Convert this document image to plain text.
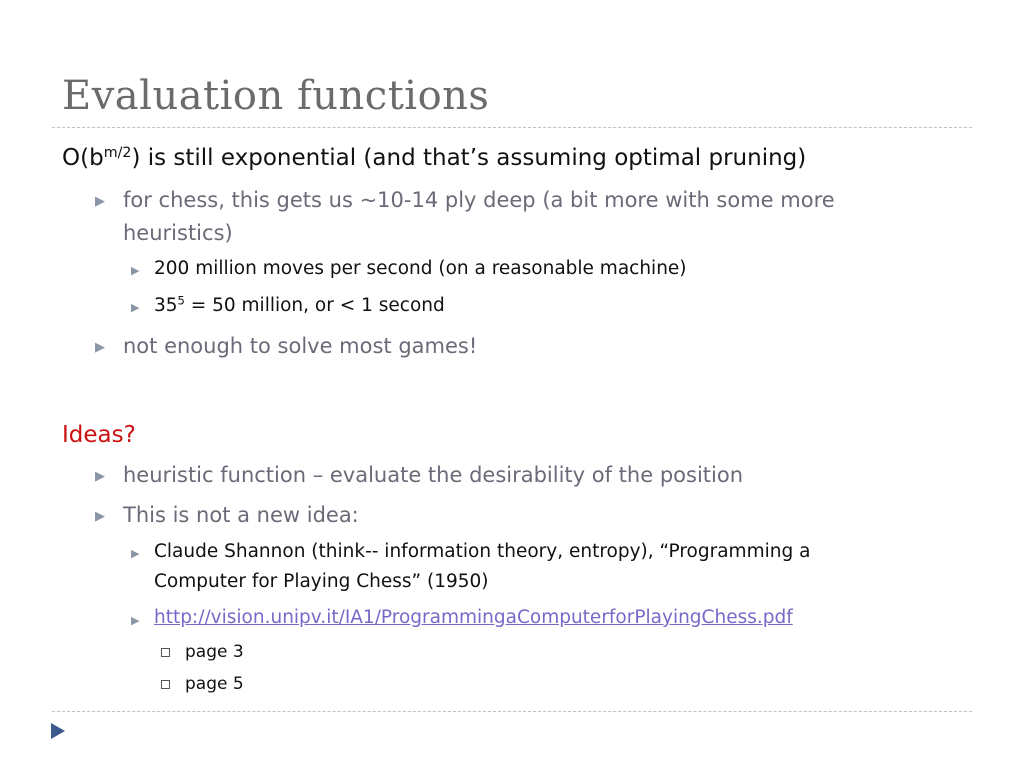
Evaluation functions
$O(b^{m/2})$ is still exponential (and that’s assuming optimal pruning)
▶ for chess, this gets us ~10-14 ply deep (a bit more with some more
heuristics)
▶ 200 million moves per second (on a reasonable machine)
▶ $35^5 = 50$ million, or < 1 second
▶ not enough to solve most games!
Ideas?
▶ heuristic function – evaluate the desirability of the position
▶ This is not a new idea:
▶ Claude Shannon (think-- information theory, entropy), “Programming a
Computer for Playing Chess” (1950)
▶ http://vision.unipv.it/IA1/ProgrammingaComputerforPlayingChess.pdf
page 3
page 5
